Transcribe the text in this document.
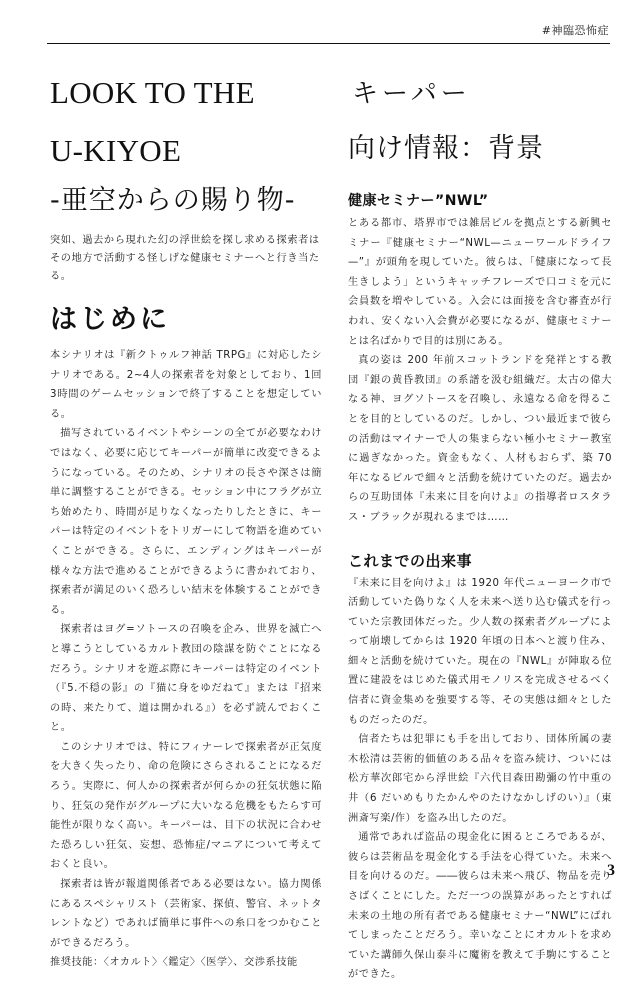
#神臨恐怖症
LOOK TO THE
U-KIYOE
-亜空からの賜り物-

突如、過去から現れた幻の浮世絵を探し求める探索者はその地方で活動する怪しげな健康セミナーへと行き当たる。

はじめに

本シナリオは『新クトゥルフ神話 TRPG』に対応したシナリオである。2~4人の探索者を対象としており、1回3時間のゲームセッションで終了することを想定している。

描写されているイベントやシーンの全てが必要なわけではなく、必要に応じてキーパーが簡単に改変できるようになっている。そのため、シナリオの長さや深さは簡単に調整することができる。セッション中にフラグが立ち始めたり、時間が足りなくなったりしたときに、キーパーは特定のイベントをトリガーにして物語を進めていくことができる。さらに、エンディングはキーパーが様々な方法で進めることができるように書かれており、探索者が満足のいく恐ろしい結末を体験することができる。

探索者はヨグ=ソトースの召喚を企み、世界を滅亡へと導こうとしているカルト教団の陰謀を防ぐことになるだろう。シナリオを遊ぶ際にキーパーは特定のイベント（『5.不穏の影』の『猫に身をゆだねて』または『招来の時、来たりて、道は開かれる』）を必ず読んでおくこと。

このシナリオでは、特にフィナーレで探索者が正気度を大きく失ったり、命の危険にさらされることになるだろう。実際に、何人かの探索者が何らかの狂気状態に陥り、狂気の発作がグループに大いなる危機をもたらす可能性が限りなく高い。キーパーは、目下の状況に合わせた恐ろしい狂気、妄想、恐怖症/マニアについて考えておくと良い。

探索者は皆が報道関係者である必要はない。協力関係にあるスペシャリスト（芸術家、探偵、警官、ネットタレントなど）であれば簡単に事件への糸口をつかむことができるだろう。

推奨技能：〈オカルト〉〈鑑定〉〈医学〉、交渉系技能

キーパー
向け情報：背景
健康セミナー”NWL”

とある都市、塔界市では雑居ビルを拠点とする新興セミナー『健康セミナー“NWL—ニューワールドライフ—”』が頭角を現していた。彼らは、「健康になって長生きしよう」というキャッチフレーズで口コミを元に会員数を増やしている。入会には面接を含む審査が行われ、安くない入会費が必要になるが、健康セミナーとは名ばかりで目的は別にある。

真の姿は 200 年前スコットランドを発祥とする教団『銀の黄昏教団』の系譜を汲む組織だ。太古の偉大なる神、ヨグソトースを召喚し、永遠なる命を得ることを目的としているのだ。しかし、つい最近まで彼らの活動はマイナーで人の集まらない極小セミナー教室に過ぎなかった。資金もなく、人材もおらず、築 70 年になるビルで細々と活動を続けていたのだ。過去からの互助団体『未来に目を向けよ』の指導者ロスタラス・ブラックが現れるまでは……

これまでの出来事

『未来に目を向けよ』は 1920 年代ニューヨーク市で活動していた偽りなく人を未来へ送り込む儀式を行っていた宗教団体だった。少人数の探索者グループによって崩壊してからは 1920 年頃の日本へと渡り住み、細々と活動を続けていた。現在の『NWL』が陣取る位置に建設をはじめた儀式用モノリスを完成させるべく信者に資金集めを強要する等、その実態は細々としたものだったのだ。

信者たちは犯罪にも手を出しており、団体所属の妻木松清は芸術的価値のある品々を盗み続け、ついには松方華次郎宅から浮世絵『六代目森田勘彌の竹中重の井（6 だいめもりたかんやのたけなかしげのい）』（東洲斎写楽/作）を盗み出したのだ。

通常であれば盗品の現金化に困るところであるが、彼らは芸術品を現金化する手法を心得ていた。未来へ目を向けるのだ。――彼らは未来へ飛び、物品を売りさばくことにした。ただ一つの誤算があったとすれば未来の土地の所有者である健康セミナー“NWL”にばれてしまったことだろう。幸いなことにオカルトを求めていた講師久保山泰斗に魔術を教えて手駒にすることができた。

3
